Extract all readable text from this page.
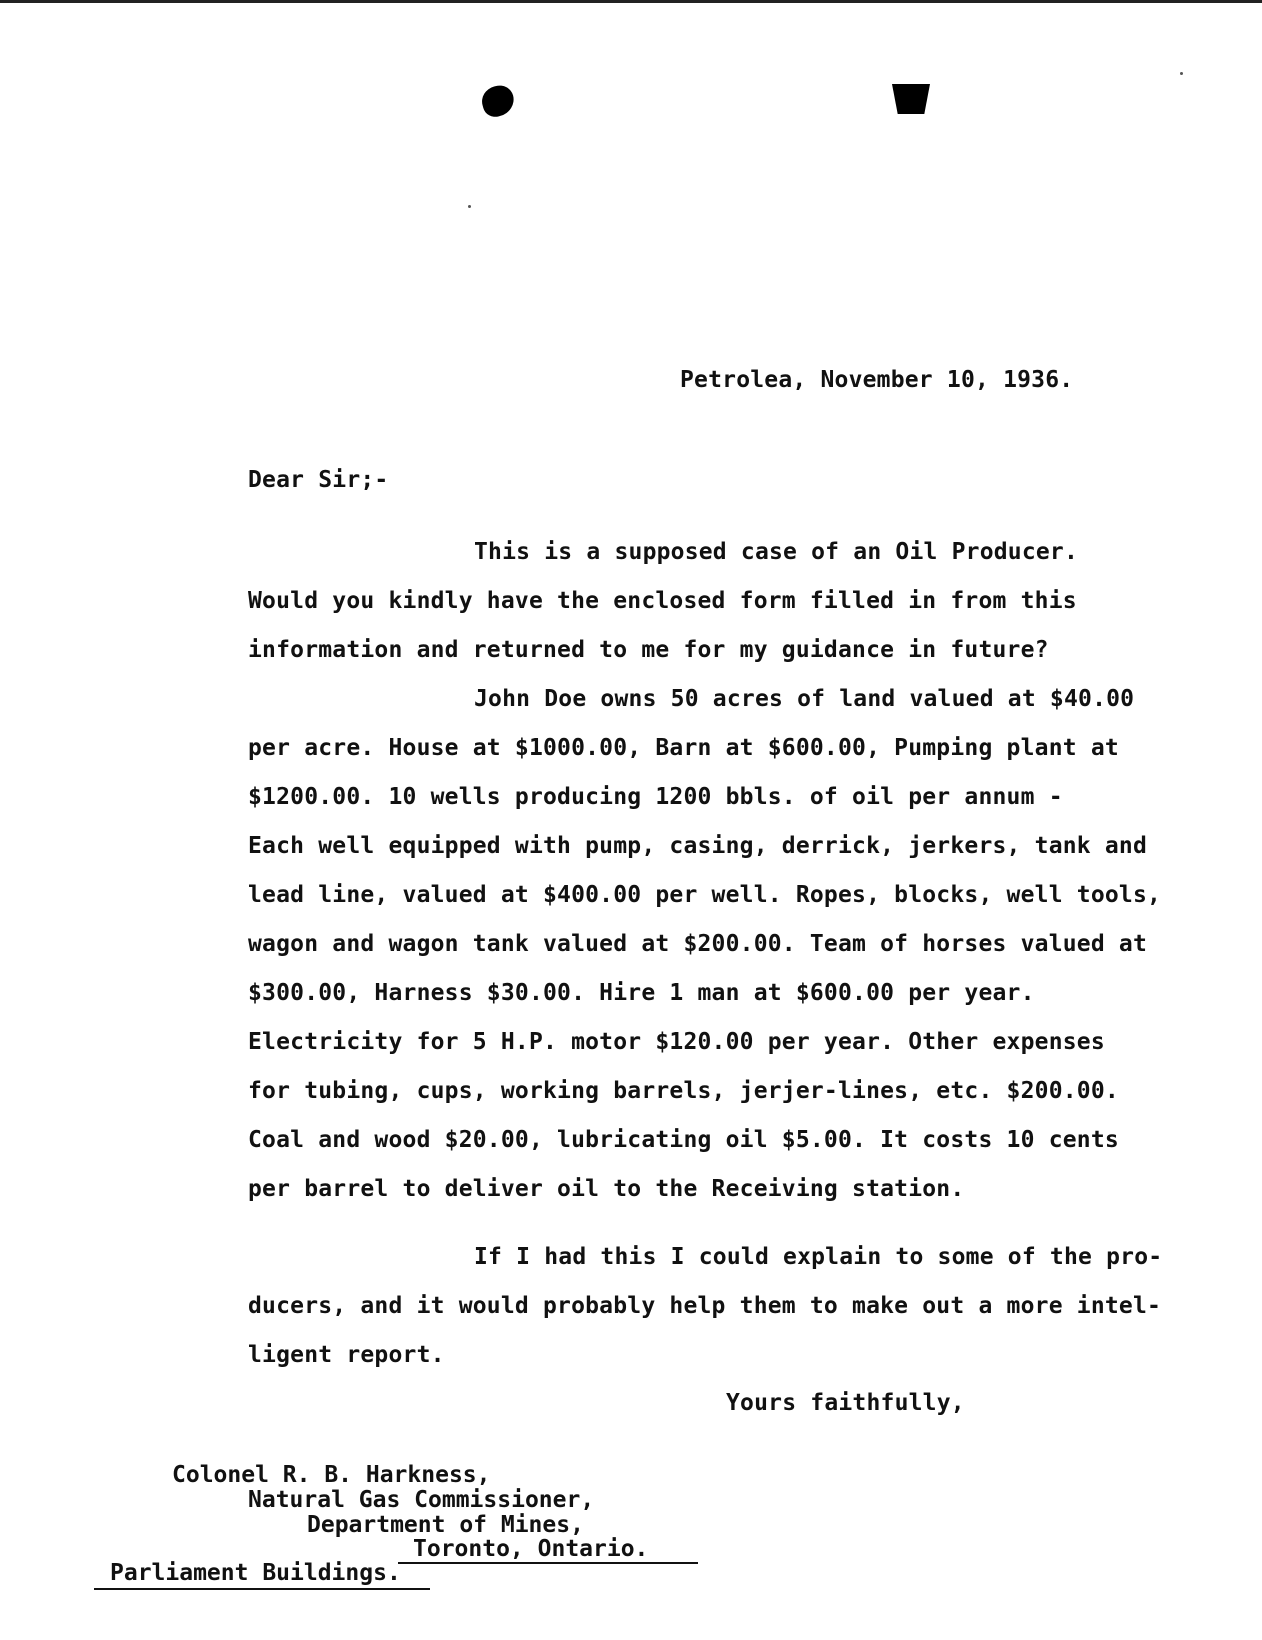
Petrolea, November 10, 1936.
Dear Sir;-
This is a supposed case of an Oil Producer.
Would you kindly have the enclosed form filled in from this
information and returned to me for my guidance in future?
John Doe owns 50 acres of land valued at $40.00
per acre. House at $1000.00, Barn at $600.00, Pumping plant at
$1200.00. 10 wells producing 1200 bbls. of oil per annum -
Each well equipped with pump, casing, derrick, jerkers, tank and
lead line, valued at $400.00 per well. Ropes, blocks, well tools,
wagon and wagon tank valued at $200.00. Team of horses valued at
$300.00, Harness $30.00. Hire 1 man at $600.00 per year.
Electricity for 5 H.P. motor $120.00 per year. Other expenses
for tubing, cups, working barrels, jerjer-lines, etc. $200.00.
Coal and wood $20.00, lubricating oil $5.00. It costs 10 cents
per barrel to deliver oil to the Receiving station.
If I had this I could explain to some of the pro-
ducers, and it would probably help them to make out a more intel-
ligent report.
Yours faithfully,
Colonel R. B. Harkness,
Natural Gas Commissioner,
Department of Mines,
Toronto, Ontario.
Parliament Buildings.
